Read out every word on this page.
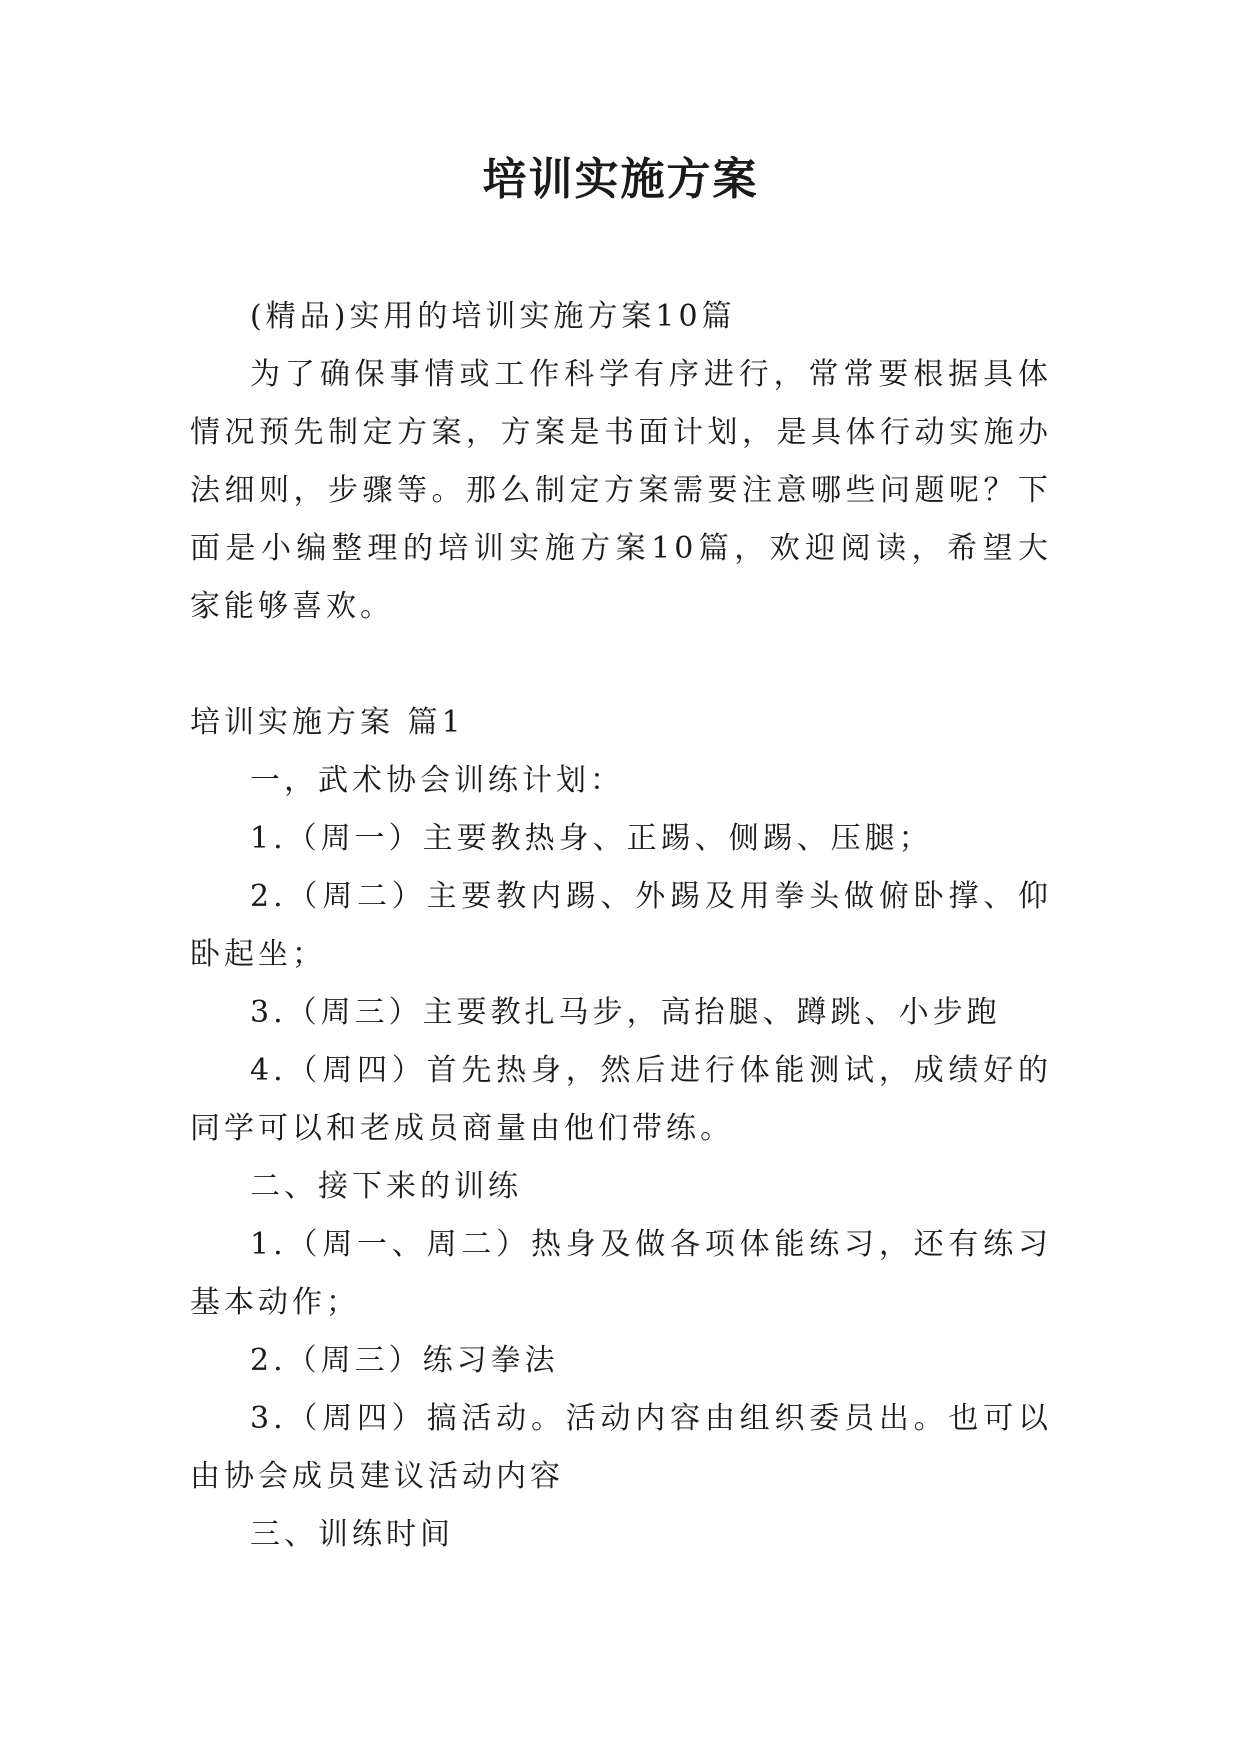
培训实施方案

(精品)实用的培训实施方案10篇

为了确保事情或工作科学有序进行，常常要根据具体情况预先制定方案，方案是书面计划，是具体行动实施办法细则，步骤等。那么制定方案需要注意哪些问题呢？下面是小编整理的培训实施方案10篇，欢迎阅读，希望大家能够喜欢。

培训实施方案 篇1

一，武术协会训练计划：

1.（周一）主要教热身、正踢、侧踢、压腿；

2.（周二）主要教内踢、外踢及用拳头做俯卧撑、仰卧起坐；

3.（周三）主要教扎马步，高抬腿、蹲跳、小步跑

4.（周四）首先热身，然后进行体能测试，成绩好的同学可以和老成员商量由他们带练。

二、接下来的训练

1.（周一、周二）热身及做各项体能练习，还有练习基本动作；

2.（周三）练习拳法

3.（周四）搞活动。活动内容由组织委员出。也可以由协会成员建议活动内容

三、训练时间
